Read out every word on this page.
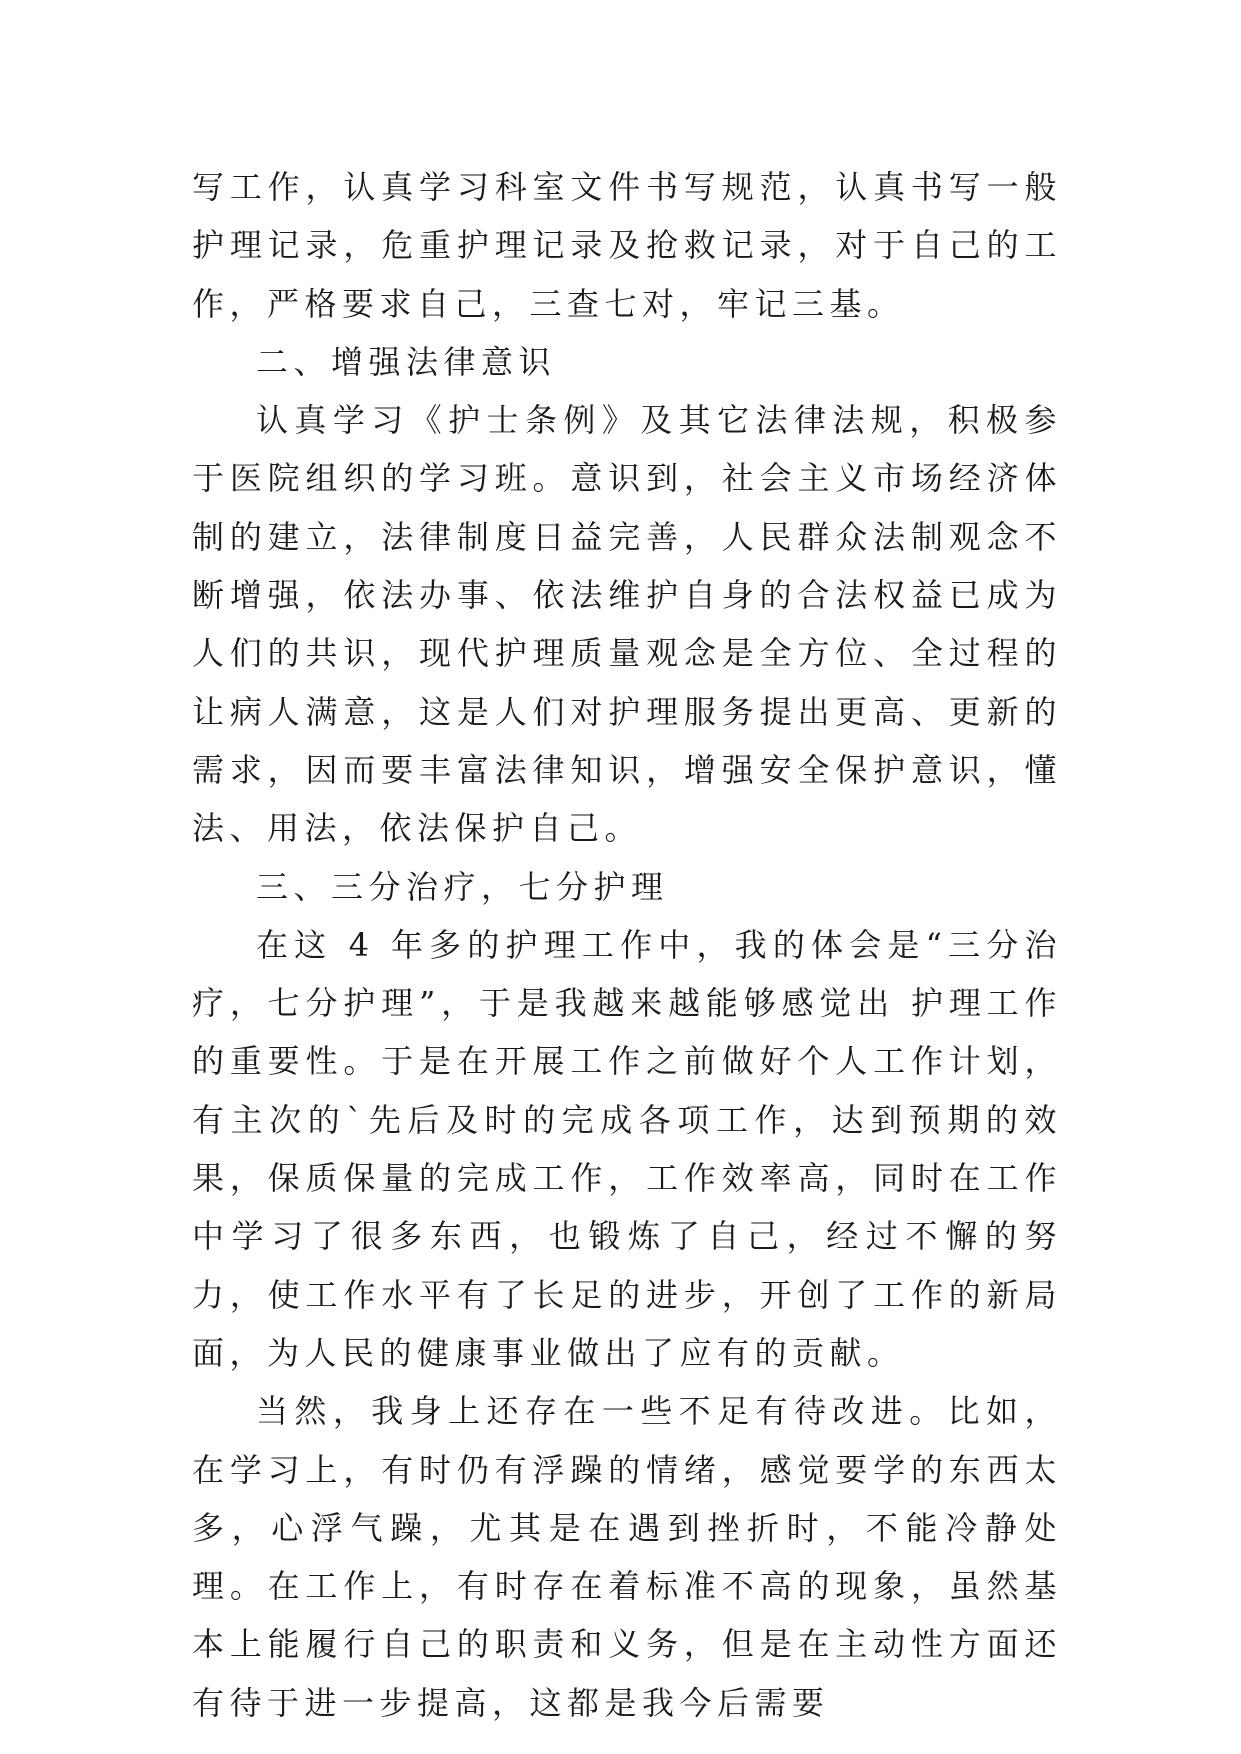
写工作，认真学习科室文件书写规范，认真书写一般护理记录，危重护理记录及抢救记录，对于自己的工作，严格要求自己，三查七对，牢记三基。

二、增强法律意识

认真学习《护士条例》及其它法律法规，积极参于医院组织的学习班。意识到，社会主义市场经济体制的建立，法律制度日益完善，人民群众法制观念不断增强，依法办事、依法维护自身的合法权益已成为人们的共识，现代护理质量观念是全方位、全过程的让病人满意，这是人们对护理服务提出更高、更新的需求，因而要丰富法律知识，增强安全保护意识，懂法、用法，依法保护自己。

三、三分治疗，七分护理

在这 4 年多的护理工作中，我的体会是“三分治疗，七分护理”，于是我越来越能够感觉出 护理工作的重要性。于是在开展工作之前做好个人工作计划，有主次的`先后及时的完成各项工作，达到预期的效果，保质保量的完成工作，工作效率高，同时在工作中学习了很多东西，也锻炼了自己，经过不懈的努力，使工作水平有了长足的进步，开创了工作的新局面，为人民的健康事业做出了应有的贡献。

当然，我身上还存在一些不足有待改进。比如，在学习上，有时仍有浮躁的情绪，感觉要学的东西太多，心浮气躁，尤其是在遇到挫折时，不能冷静处理。在工作上，有时存在着标准不高的现象，虽然基本上能履行自己的职责和义务，但是在主动性方面还有待于进一步提高，这都是我今后需要
